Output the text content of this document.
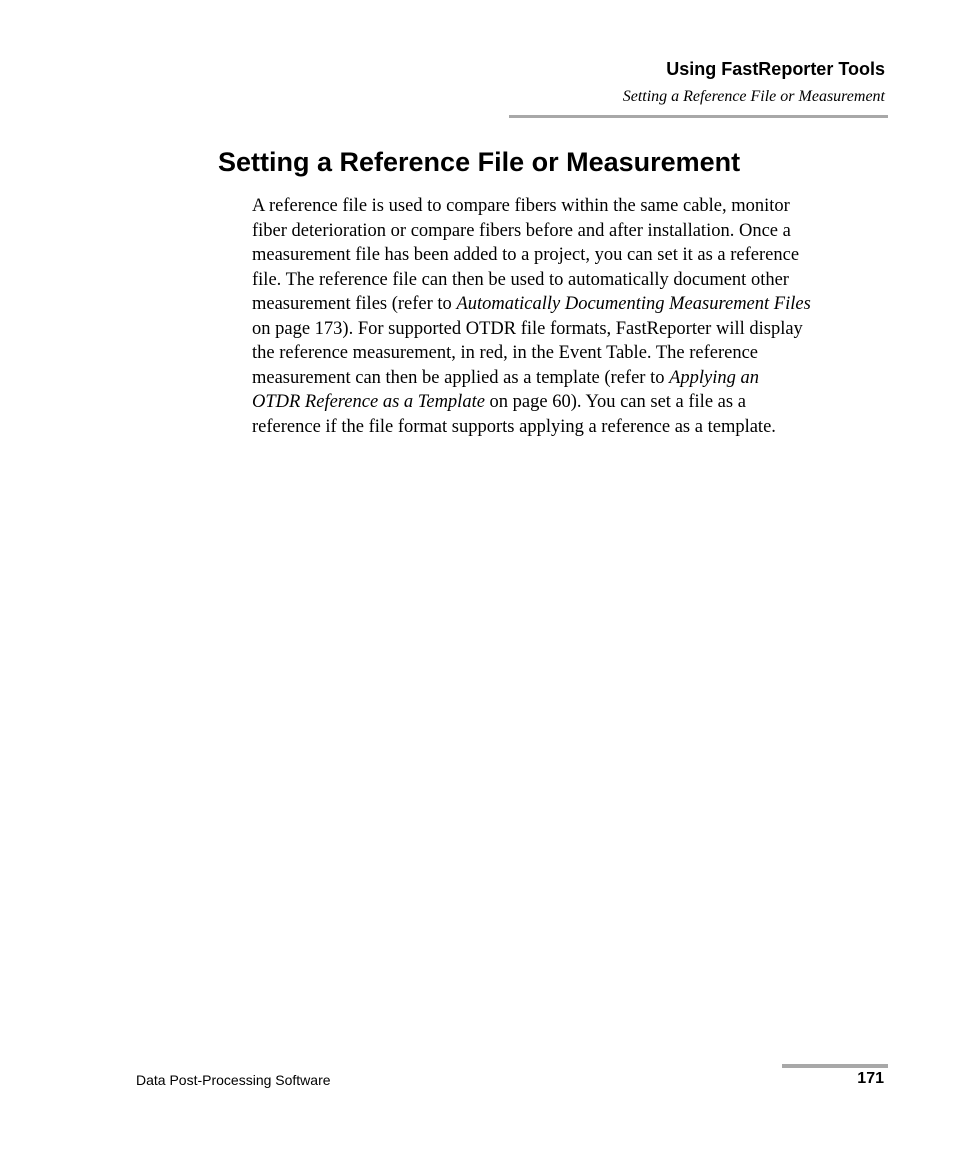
Using FastReporter Tools
Setting a Reference File or Measurement
Setting a Reference File or Measurement

A reference file is used to compare fibers within the same cable, monitor
fiber deterioration or compare fibers before and after installation. Once a
measurement file has been added to a project, you can set it as a reference
file. The reference file can then be used to automatically document other
measurement files (refer to Automatically Documenting Measurement Files
on page 173). For supported OTDR file formats, FastReporter will display
the reference measurement, in red, in the Event Table. The reference
measurement can then be applied as a template (refer to Applying an
OTDR Reference as a Template on page 60). You can set a file as a
reference if the file format supports applying a reference as a template.

Data Post-Processing Software	171
